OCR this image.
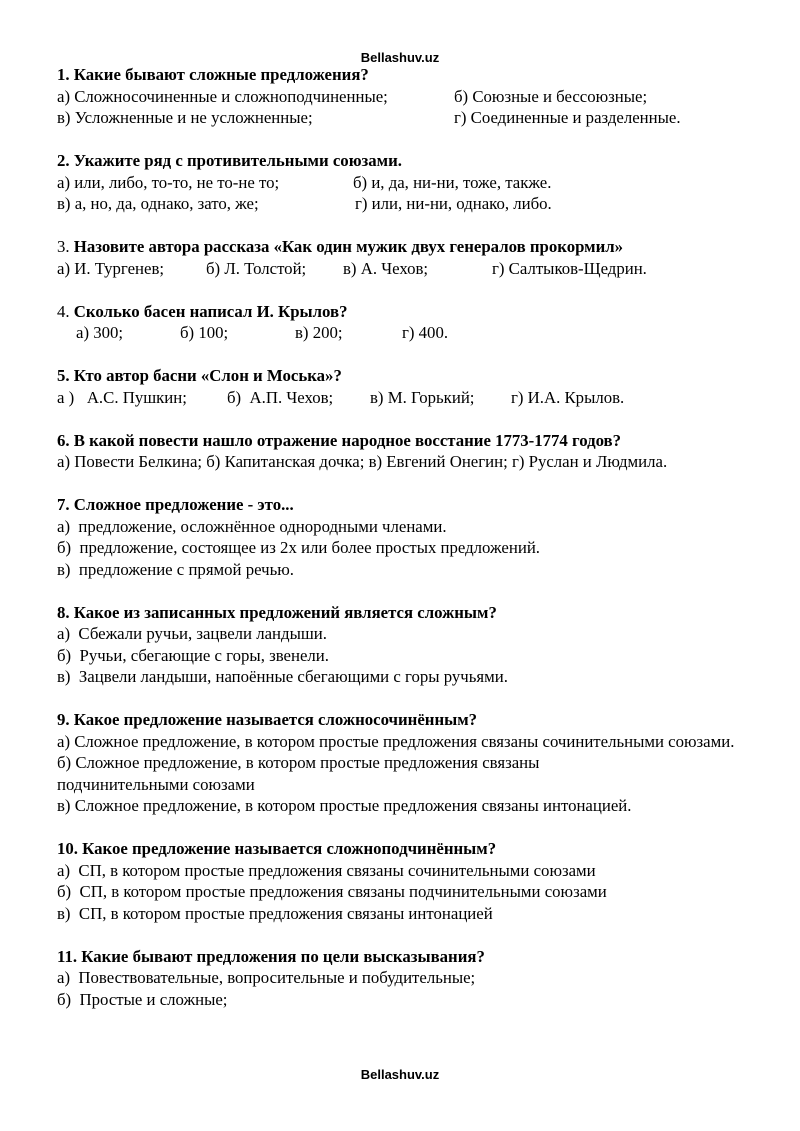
Bellashuv.uz
1. Какие бывают сложные предложения?
а) Сложносочиненные и сложноподчиненные;	б) Союзные и бессоюзные;
в) Усложненные и не усложненные;	г) Соединенные и разделенные.
2. Укажите ряд с противительными союзами.
а) или, либо, то-то, не то-не то;	б) и, да, ни-ни, тоже, также.
в) а, но, да, однако, зато, же;	г) или, ни-ни, однако, либо.
3. Назовите автора рассказа «Как один мужик двух генералов прокормил»
а) И. Тургенев;	б) Л. Толстой;	в) А. Чехов;	г) Салтыков-Щедрин.
4. Сколько басен написал И. Крылов?
а) 300;	б) 100;	в) 200;	г) 400.
5. Кто автор басни «Слон и Моська»?
а )   А.С. Пушкин;	б)  А.П. Чехов;	в) М. Горький;	г) И.А. Крылов.
6. В какой повести нашло отражение народное восстание 1773-1774 годов?
а) Повести Белкина; б) Капитанская дочка; в) Евгений Онегин; г) Руслан и Людмила.
7. Сложное предложение - это...
а)  предложение, осложнённое однородными членами.
б)  предложение, состоящее из 2х или более простых предложений.
в)  предложение с прямой речью.
8. Какое из записанных предложений является сложным?
а)  Сбежали ручьи, зацвели ландыши.
б)  Ручьи, сбегающие с горы, звенели.
в)  Зацвели ландыши, напоённые сбегающими с горы ручьями.
9. Какое предложение называется сложносочинённым?
а) Сложное предложение, в котором простые предложения связаны сочинительными союзами.
б) Сложное предложение, в котором простые предложения связаны подчинительными союзами
в) Сложное предложение, в котором простые предложения связаны интонацией.
10. Какое предложение называется сложноподчинённым?
а)  СП, в котором простые предложения связаны сочинительными союзами
б)  СП, в котором простые предложения связаны подчинительными союзами
в)  СП, в котором простые предложения связаны интонацией
11. Какие бывают предложения по цели высказывания?
а)  Повествовательные, вопросительные и побудительные;
б)  Простые и сложные;
Bellashuv.uz
